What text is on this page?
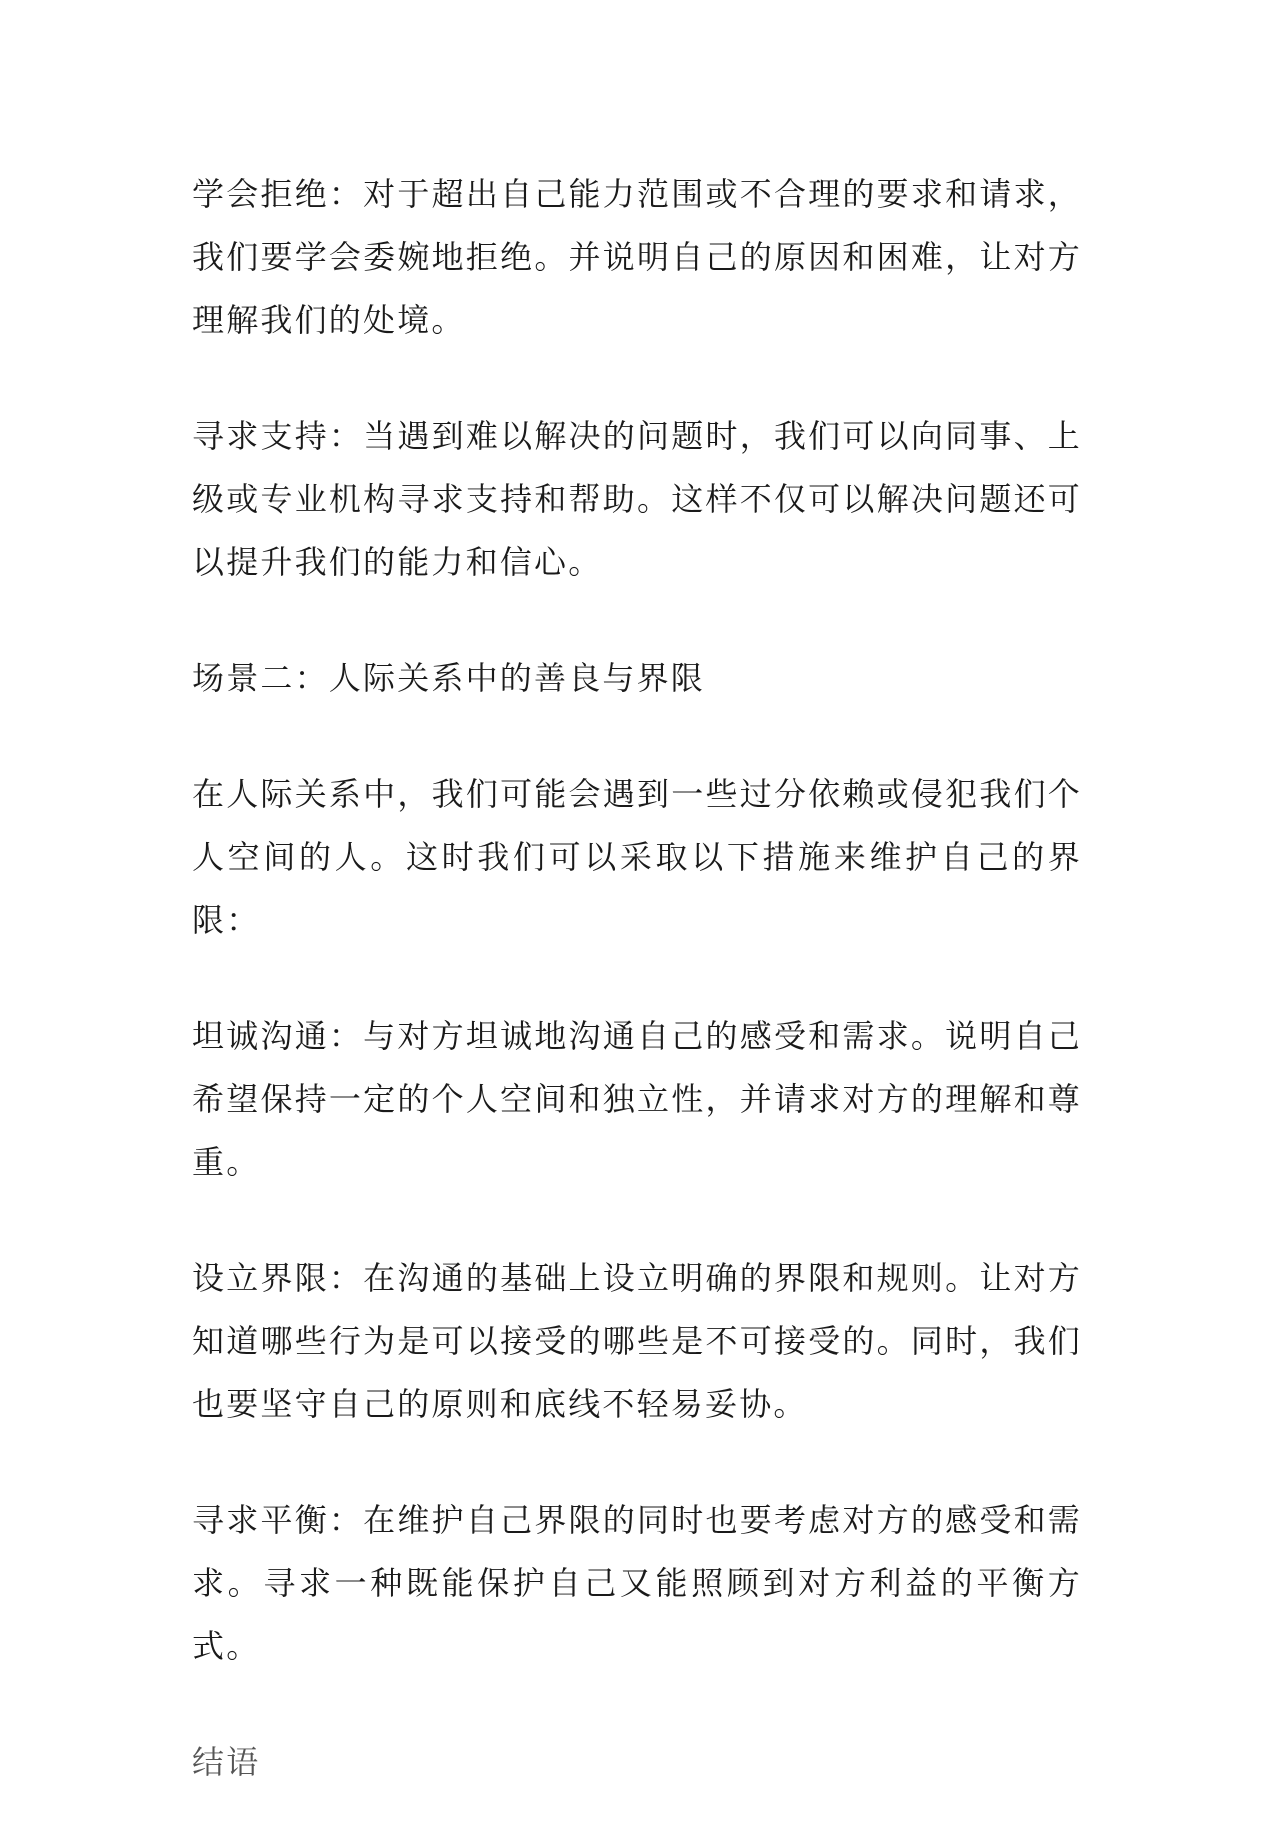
学会拒绝：对于超出自己能力范围或不合理的要求和请求，我们要学会委婉地拒绝。并说明自己的原因和困难，让对方理解我们的处境。

寻求支持：当遇到难以解决的问题时，我们可以向同事、上级或专业机构寻求支持和帮助。这样不仅可以解决问题还可以提升我们的能力和信心。

场景二：人际关系中的善良与界限

在人际关系中，我们可能会遇到一些过分依赖或侵犯我们个人空间的人。这时我们可以采取以下措施来维护自己的界限：

坦诚沟通：与对方坦诚地沟通自己的感受和需求。说明自己希望保持一定的个人空间和独立性，并请求对方的理解和尊重。

设立界限：在沟通的基础上设立明确的界限和规则。让对方知道哪些行为是可以接受的哪些是不可接受的。同时，我们也要坚守自己的原则和底线不轻易妥协。

寻求平衡：在维护自己界限的同时也要考虑对方的感受和需求。寻求一种既能保护自己又能照顾到对方利益的平衡方式。

结语
